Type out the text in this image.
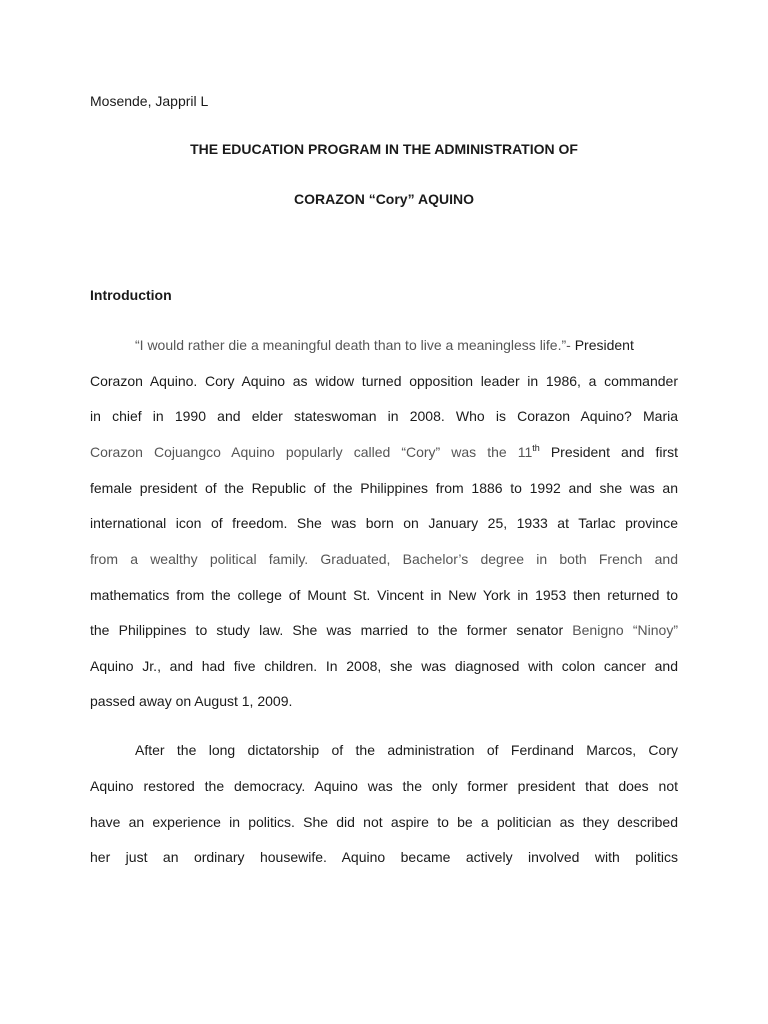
Mosende, Jappril L
THE EDUCATION PROGRAM IN THE ADMINISTRATION OF
CORAZON “Cory” AQUINO
Introduction
“I would rather die a meaningful death than to live a meaningless life.”- President
Corazon Aquino. Cory Aquino as widow turned opposition leader in 1986, a commander
in chief in 1990 and elder stateswoman in 2008. Who is Corazon Aquino? Maria
Corazon Cojuangco Aquino popularly called “Cory” was the 11th President and first
female president of the Republic of the Philippines from 1886 to 1992 and she was an
international icon of freedom. She was born on January 25, 1933 at Tarlac province
from a wealthy political family. Graduated, Bachelor’s degree in both French and
mathematics from the college of Mount St. Vincent in New York in 1953 then returned to
the Philippines to study law. She was married to the former senator Benigno “Ninoy”
Aquino Jr., and had five children. In 2008, she was diagnosed with colon cancer and
passed away on August 1, 2009.
After the long dictatorship of the administration of Ferdinand Marcos, Cory
Aquino restored the democracy. Aquino was the only former president that does not
have an experience in politics. She did not aspire to be a politician as they described
her just an ordinary housewife. Aquino became actively involved with politics
